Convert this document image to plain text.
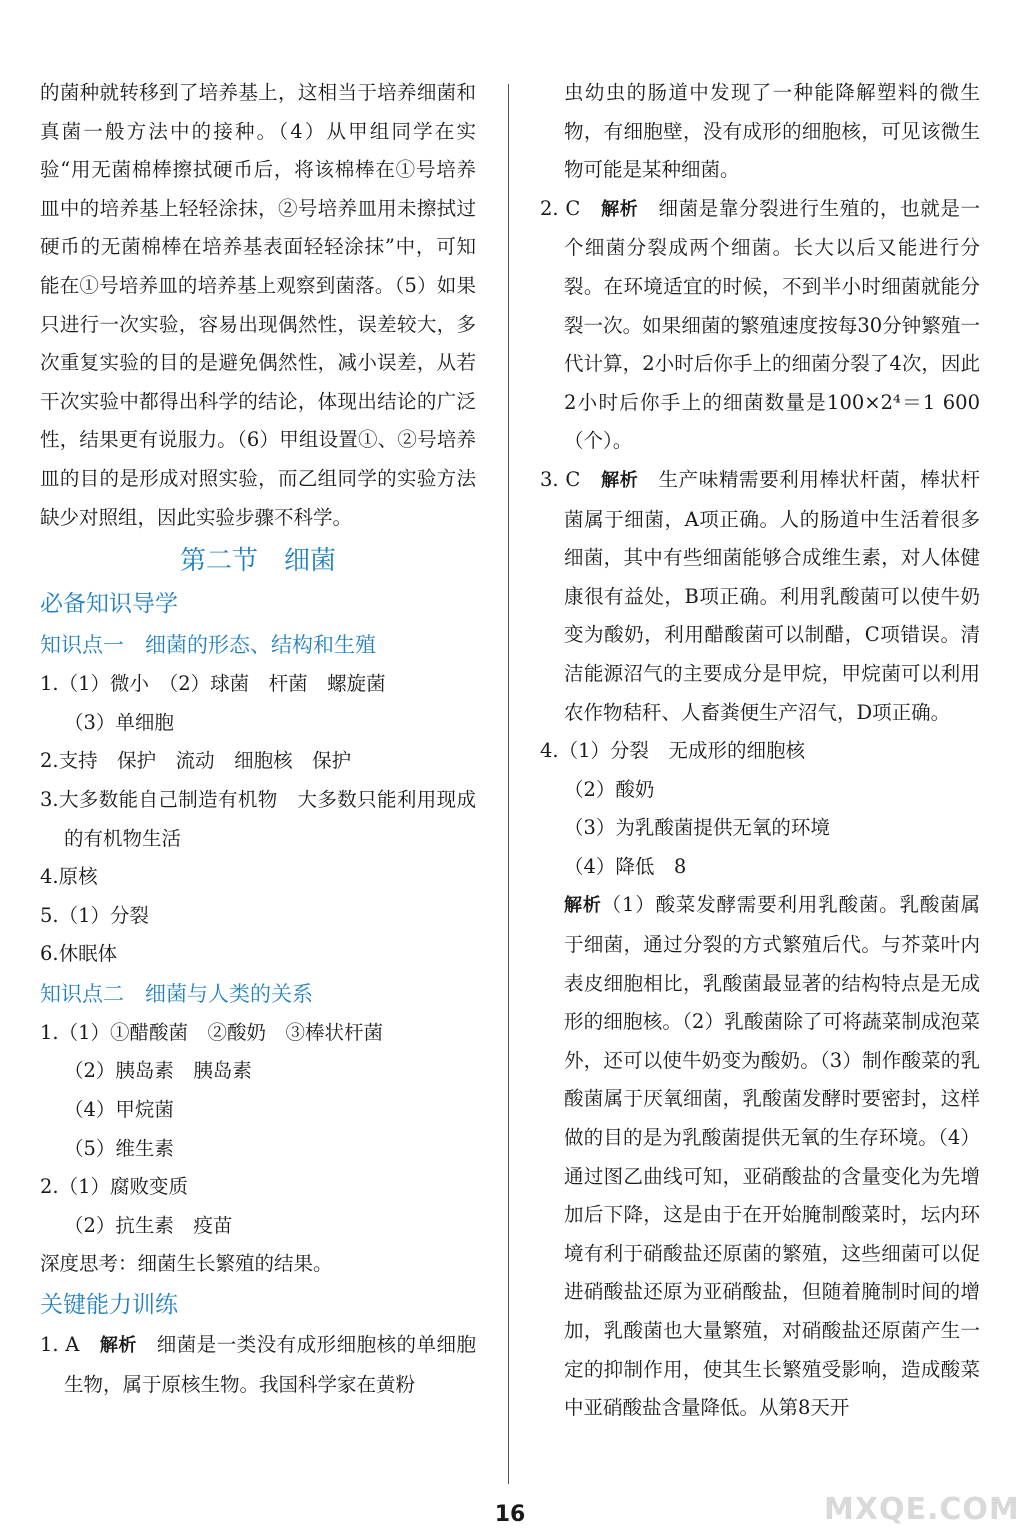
的菌种就转移到了培养基上，这相当于培养细菌和真菌一般方法中的接种。（4）从甲组同学在实验“用无菌棉棒擦拭硬币后，将该棉棒在①号培养皿中的培养基上轻轻涂抹，②号培养皿用未擦拭过硬币的无菌棉棒在培养基表面轻轻涂抹”中，可知能在①号培养皿的培养基上观察到菌落。（5）如果只进行一次实验，容易出现偶然性，误差较大，多次重复实验的目的是避免偶然性，减小误差，从若干次实验中都得出科学的结论，体现出结论的广泛性，结果更有说服力。（6）甲组设置①、②号培养皿的目的是形成对照实验，而乙组同学的实验方法缺少对照组，因此实验步骤不科学。

第二节　细菌

必备知识导学

知识点一　细菌的形态、结构和生殖

1.（1）微小　（2）球菌　杆菌　螺旋菌

（3）单细胞

2.支持　保护　流动　细胞核　保护

3.大多数能自己制造有机物　大多数只能利用现成的有机物生活

4.原核

5.（1）分裂

6.休眠体

知识点二　细菌与人类的关系

1.（1）①醋酸菌　②酸奶　③棒状杆菌

（2）胰岛素　胰岛素

（4）甲烷菌

（5）维生素

2.（1）腐败变质

（2）抗生素　疫苗

深度思考：细菌生长繁殖的结果。

关键能力训练

1. A　 解析　 细菌是一类没有成形细胞核的单细胞生物，属于原核生物。我国科学家在黄粉

虫幼虫的肠道中发现了一种能降解塑料的微生物，有细胞壁，没有成形的细胞核，可见该微生物可能是某种细菌。

2. C　 解析　 细菌是靠分裂进行生殖的，也就是一个细菌分裂成两个细菌。长大以后又能进行分裂。在环境适宜的时候，不到半小时细菌就能分裂一次。如果细菌的繁殖速度按每30分钟繁殖一代计算，2小时后你手上的细菌分裂了4次，因此2小时后你手上的细菌数量是100×2⁴＝1 600（个）。

3. C　 解析　 生产味精需要利用棒状杆菌，棒状杆菌属于细菌，A项正确。人的肠道中生活着很多细菌，其中有些细菌能够合成维生素，对人体健康很有益处，B项正确。利用乳酸菌可以使牛奶变为酸奶，利用醋酸菌可以制醋，C项错误。清洁能源沼气的主要成分是甲烷，甲烷菌可以利用农作物秸秆、人畜粪便生产沼气，D项正确。

4.（1）分裂　无成形的细胞核

（2）酸奶

（3）为乳酸菌提供无氧的环境

（4）降低　8

解析（1）酸菜发酵需要利用乳酸菌。乳酸菌属于细菌，通过分裂的方式繁殖后代。与芥菜叶内表皮细胞相比，乳酸菌最显著的结构特点是无成形的细胞核。（2）乳酸菌除了可将蔬菜制成泡菜外，还可以使牛奶变为酸奶。（3）制作酸菜的乳酸菌属于厌氧细菌，乳酸菌发酵时要密封，这样做的目的是为乳酸菌提供无氧的生存环境。（4）通过图乙曲线可知，亚硝酸盐的含量变化为先增加后下降，这是由于在开始腌制酸菜时，坛内环境有利于硝酸盐还原菌的繁殖，这些细菌可以促进硝酸盐还原为亚硝酸盐，但随着腌制时间的增加，乳酸菌也大量繁殖，对硝酸盐还原菌产生一定的抑制作用，使其生长繁殖受影响，造成酸菜中亚硝酸盐含量降低。从第8天开

16	MXQE.COM
